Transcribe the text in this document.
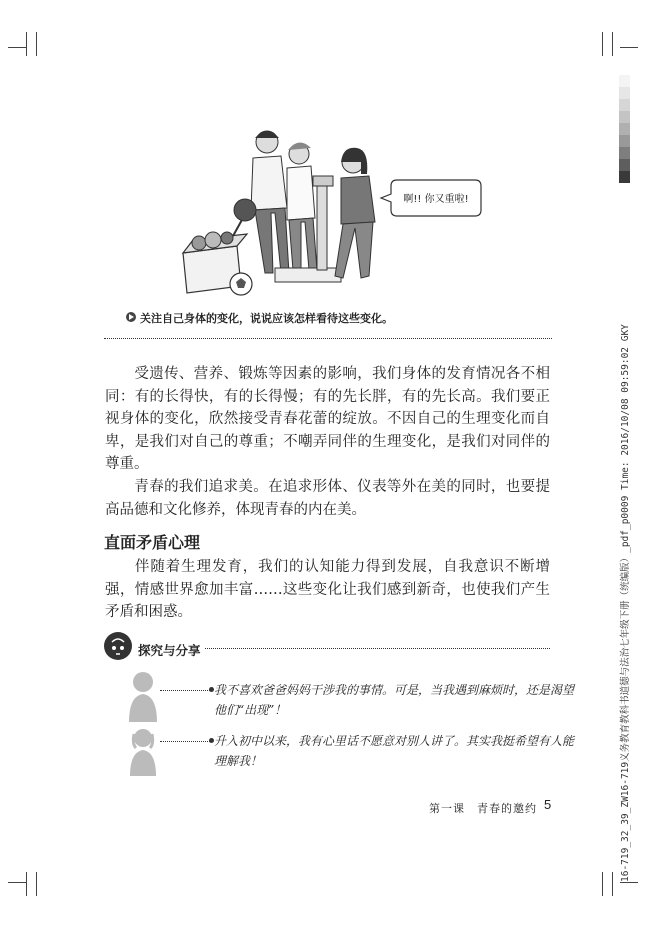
啊!! 你又重啦!
关注自己身体的变化，说说应该怎样看待这些变化。

受遗传、营养、锻炼等因素的影响，我们身体的发育情况各不相同：有的长得快，有的长得慢；有的先长胖，有的先长高。我们要正视身体的变化，欣然接受青春花蕾的绽放。不因自己的生理变化而自卑，是我们对自己的尊重；不嘲弄同伴的生理变化，是我们对同伴的尊重。

青春的我们追求美。在追求形体、仪表等外在美的同时，也要提高品德和文化修养，体现青春的内在美。

直面矛盾心理

伴随着生理发育，我们的认知能力得到发展，自我意识不断增强，情感世界愈加丰富……这些变化让我们感到新奇，也使我们产生矛盾和困惑。

探究与分享

我不喜欢爸爸妈妈干涉我的事情。可是，当我遇到麻烦时，还是渴望他们“出现”！

升入初中以来，我有心里话不愿意对别人讲了。其实我挺希望有人能理解我！

第一课　青春的邀约 5	16-719_32_39_ZW16-719义务教育教科书道德与法治七年级下册（统编版）_pdf_p0009 Time: 2016/10/08 09:59:02 GKY
